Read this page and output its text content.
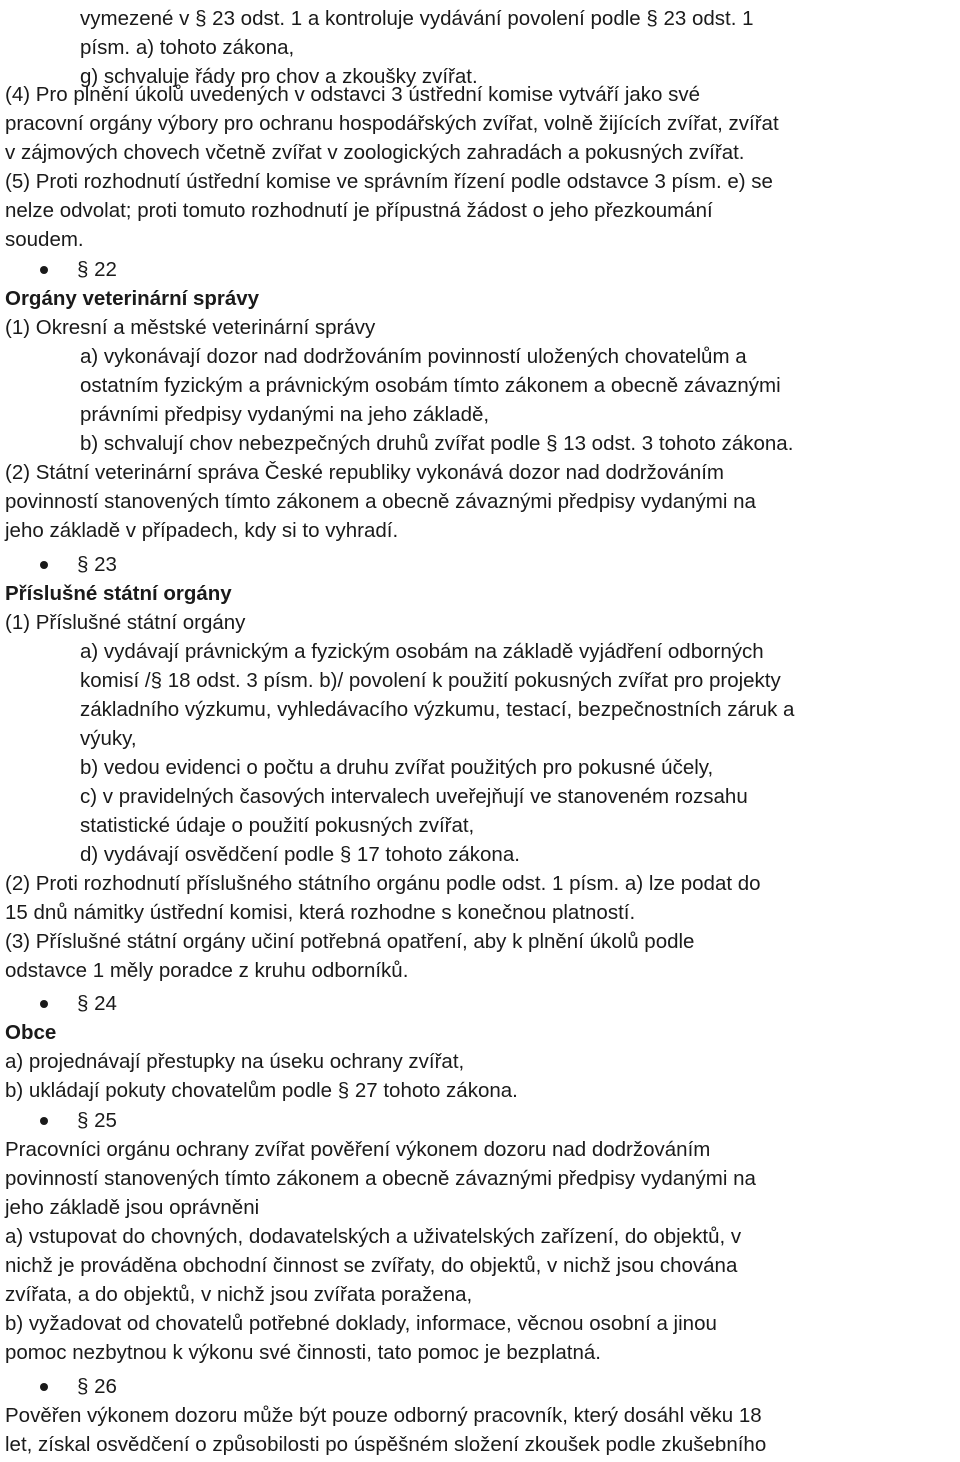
vymezené v § 23 odst. 1 a kontroluje vydávání povolení podle § 23 odst. 1
písm. a) tohoto zákona,
g) schvaluje řády pro chov a zkoušky zvířat.
(4) Pro plnění úkolů uvedených v odstavci 3 ústřední komise vytváří jako své
pracovní orgány výbory pro ochranu hospodářských zvířat, volně žijících zvířat, zvířat
v zájmových chovech včetně zvířat v zoologických zahradách a pokusných zvířat.
(5) Proti rozhodnutí ústřední komise ve správním řízení podle odstavce 3 písm. e) se
nelze odvolat; proti tomuto rozhodnutí je přípustná žádost o jeho přezkoumání
soudem.
§ 22
Orgány veterinární správy
(1) Okresní a městské veterinární správy
a) vykonávají dozor nad dodržováním povinností uložených chovatelům a
ostatním fyzickým a právnickým osobám tímto zákonem a obecně závaznými
právními předpisy vydanými na jeho základě,
b) schvalují chov nebezpečných druhů zvířat podle § 13 odst. 3 tohoto zákona.
(2) Státní veterinární správa České republiky vykonává dozor nad dodržováním
povinností stanovených tímto zákonem a obecně závaznými předpisy vydanými na
jeho základě v případech, kdy si to vyhradí.
§ 23
Příslušné státní orgány
(1) Příslušné státní orgány
a) vydávají právnickým a fyzickým osobám na základě vyjádření odborných
komisí /§ 18 odst. 3 písm. b)/ povolení k použití pokusných zvířat pro projekty
základního výzkumu, vyhledávacího výzkumu, testací, bezpečnostních záruk a
výuky,
b) vedou evidenci o počtu a druhu zvířat použitých pro pokusné účely,
c) v pravidelných časových intervalech uveřejňují ve stanoveném rozsahu
statistické údaje o použití pokusných zvířat,
d) vydávají osvědčení podle § 17 tohoto zákona.
(2) Proti rozhodnutí příslušného státního orgánu podle odst. 1 písm. a) lze podat do
15 dnů námitky ústřední komisi, která rozhodne s konečnou platností.
(3) Příslušné státní orgány učiní potřebná opatření, aby k plnění úkolů podle
odstavce 1 měly poradce z kruhu odborníků.
§ 24
Obce
a) projednávají přestupky na úseku ochrany zvířat,
b) ukládají pokuty chovatelům podle § 27 tohoto zákona.
§ 25
Pracovníci orgánu ochrany zvířat pověření výkonem dozoru nad dodržováním
povinností stanovených tímto zákonem a obecně závaznými předpisy vydanými na
jeho základě jsou oprávněni
a) vstupovat do chovných, dodavatelských a uživatelských zařízení, do objektů, v
nichž je prováděna obchodní činnost se zvířaty, do objektů, v nichž jsou chována
zvířata, a do objektů, v nichž jsou zvířata poražena,
b) vyžadovat od chovatelů potřebné doklady, informace, věcnou osobní a jinou
pomoc nezbytnou k výkonu své činnosti, tato pomoc je bezplatná.
§ 26
Pověřen výkonem dozoru může být pouze odborný pracovník, který dosáhl věku 18
let, získal osvědčení o způsobilosti po úspěšném složení zkoušek podle zkušebního
